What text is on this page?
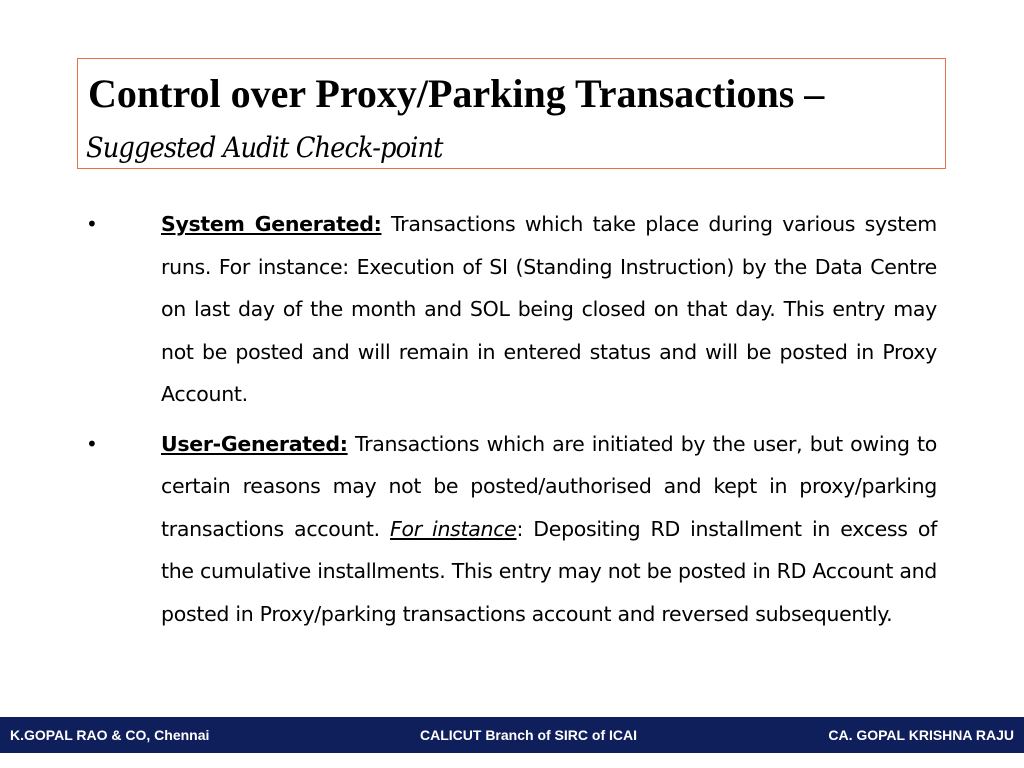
Control over Proxy/Parking Transactions –
Suggested Audit Check-point
•	System Generated: Transactions which take place during various system runs. For instance: Execution of SI (Standing Instruction) by the Data Centre on last day of the month and SOL being closed on that day. This entry may not be posted and will remain in entered status and will be posted in Proxy Account.
•	User-Generated: Transactions which are initiated by the user, but owing to certain reasons may not be posted/authorised and kept in proxy/parking transactions account. For instance: Depositing RD installment in excess of the cumulative installments. This entry may not be posted in RD Account and posted in Proxy/parking transactions account and reversed subsequently.
K.GOPAL RAO & CO, Chennai	CALICUT Branch of SIRC of ICAI	CA. GOPAL KRISHNA RAJU
